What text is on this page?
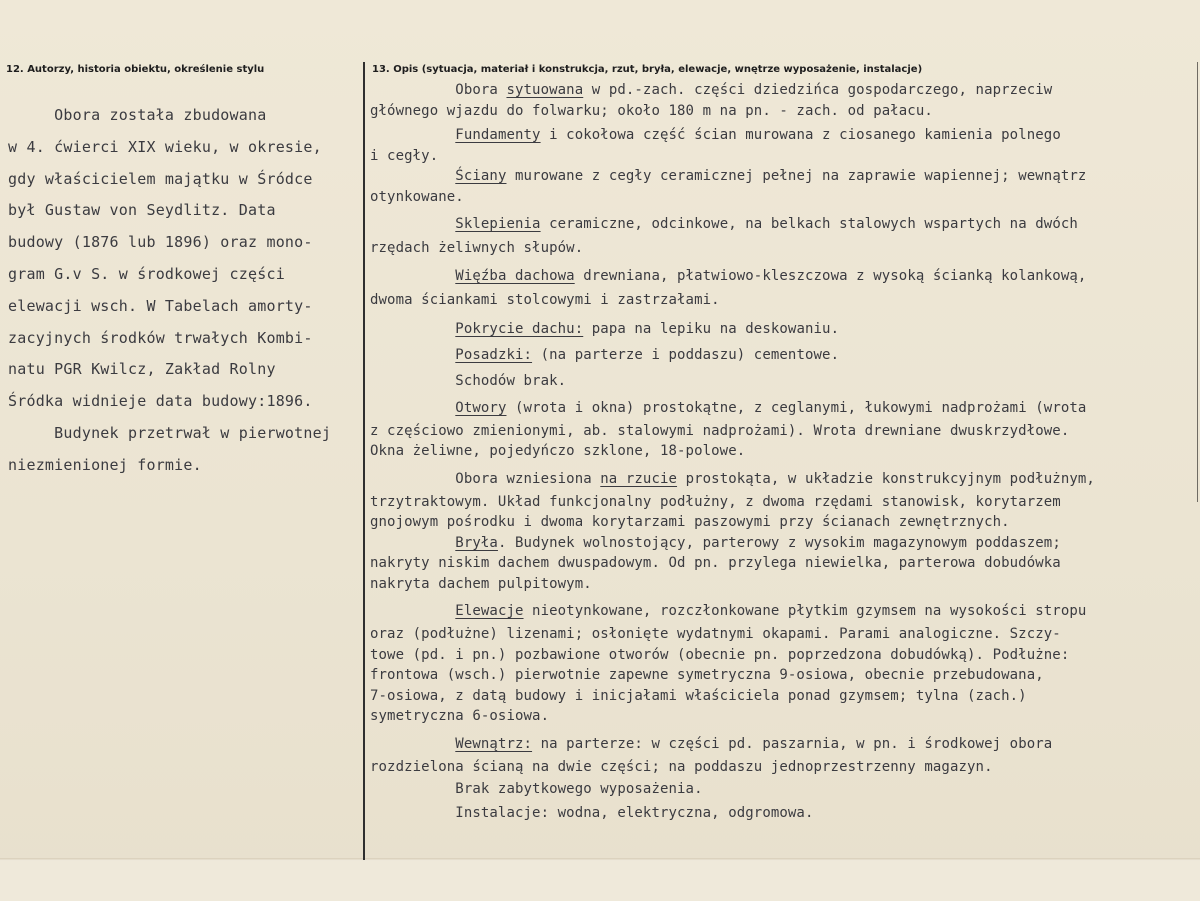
12. Autorzy, historia obiektu, określenie stylu	13. Opis (sytuacja, materiał i konstrukcja, rzut, bryła, elewacje, wnętrze wyposażenie, instalacje)
Obora została zbudowana
w 4. ćwierci XIX wieku, w okresie,
gdy właścicielem majątku w Śródce
był Gustaw von Seydlitz. Data
budowy (1876 lub 1896) oraz mono-
gram G.v S. w środkowej części
elewacji wsch. W Tabelach amorty-
zacyjnych środków trwałych Kombi-
natu PGR Kwilcz, Zakład Rolny
Śródka widnieje data budowy:1896.
Budynek przetrwał w pierwotnej
niezmienionej formie.
Obora sytuowana w pd.-zach. części dziedzińca gospodarczego, naprzeciw
głównego wjazdu do folwarku; około 180 m na pn. - zach. od pałacu.
Fundamenty i cokołowa część ścian murowana z ciosanego kamienia polnego
i cegły.
Ściany murowane z cegły ceramicznej pełnej na zaprawie wapiennej; wewnątrz
otynkowane.
Sklepienia ceramiczne, odcinkowe, na belkach stalowych wspartych na dwóch
rzędach żeliwnych słupów.
Więźba dachowa drewniana, płatwiowo-kleszczowa z wysoką ścianką kolankową,
dwoma ściankami stolcowymi i zastrzałami.
Pokrycie dachu: papa na lepiku na deskowaniu.
Posadzki: (na parterze i poddaszu) cementowe.
Schodów brak.
Otwory (wrota i okna) prostokątne, z ceglanymi, łukowymi nadprożami (wrota
z częściowo zmienionymi, ab. stalowymi nadprożami). Wrota drewniane dwuskrzydłowe.
Okna żeliwne, pojedyńczo szklone, 18-polowe.
Obora wzniesiona na rzucie prostokąta, w układzie konstrukcyjnym podłużnym,
trzytraktowym. Układ funkcjonalny podłużny, z dwoma rzędami stanowisk, korytarzem
gnojowym pośrodku i dwoma korytarzami paszowymi przy ścianach zewnętrznych.
Bryła. Budynek wolnostojący, parterowy z wysokim magazynowym poddaszem;
nakryty niskim dachem dwuspadowym. Od pn. przylega niewielka, parterowa dobudówka
nakryta dachem pulpitowym.
Elewacje nieotynkowane, rozczłonkowane płytkim gzymsem na wysokości stropu
oraz (podłużne) lizenami; osłonięte wydatnymi okapami. Parami analogiczne. Szczy-
towe (pd. i pn.) pozbawione otworów (obecnie pn. poprzedzona dobudówką). Podłużne:
frontowa (wsch.) pierwotnie zapewne symetryczna 9-osiowa, obecnie przebudowana,
7-osiowa, z datą budowy i inicjałami właściciela ponad gzymsem; tylna (zach.)
symetryczna 6-osiowa.
Wewnątrz: na parterze: w części pd. paszarnia, w pn. i środkowej obora
rozdzielona ścianą na dwie części; na poddaszu jednoprzestrzenny magazyn.
Brak zabytkowego wyposażenia.
Instalacje: wodna, elektryczna, odgromowa.
